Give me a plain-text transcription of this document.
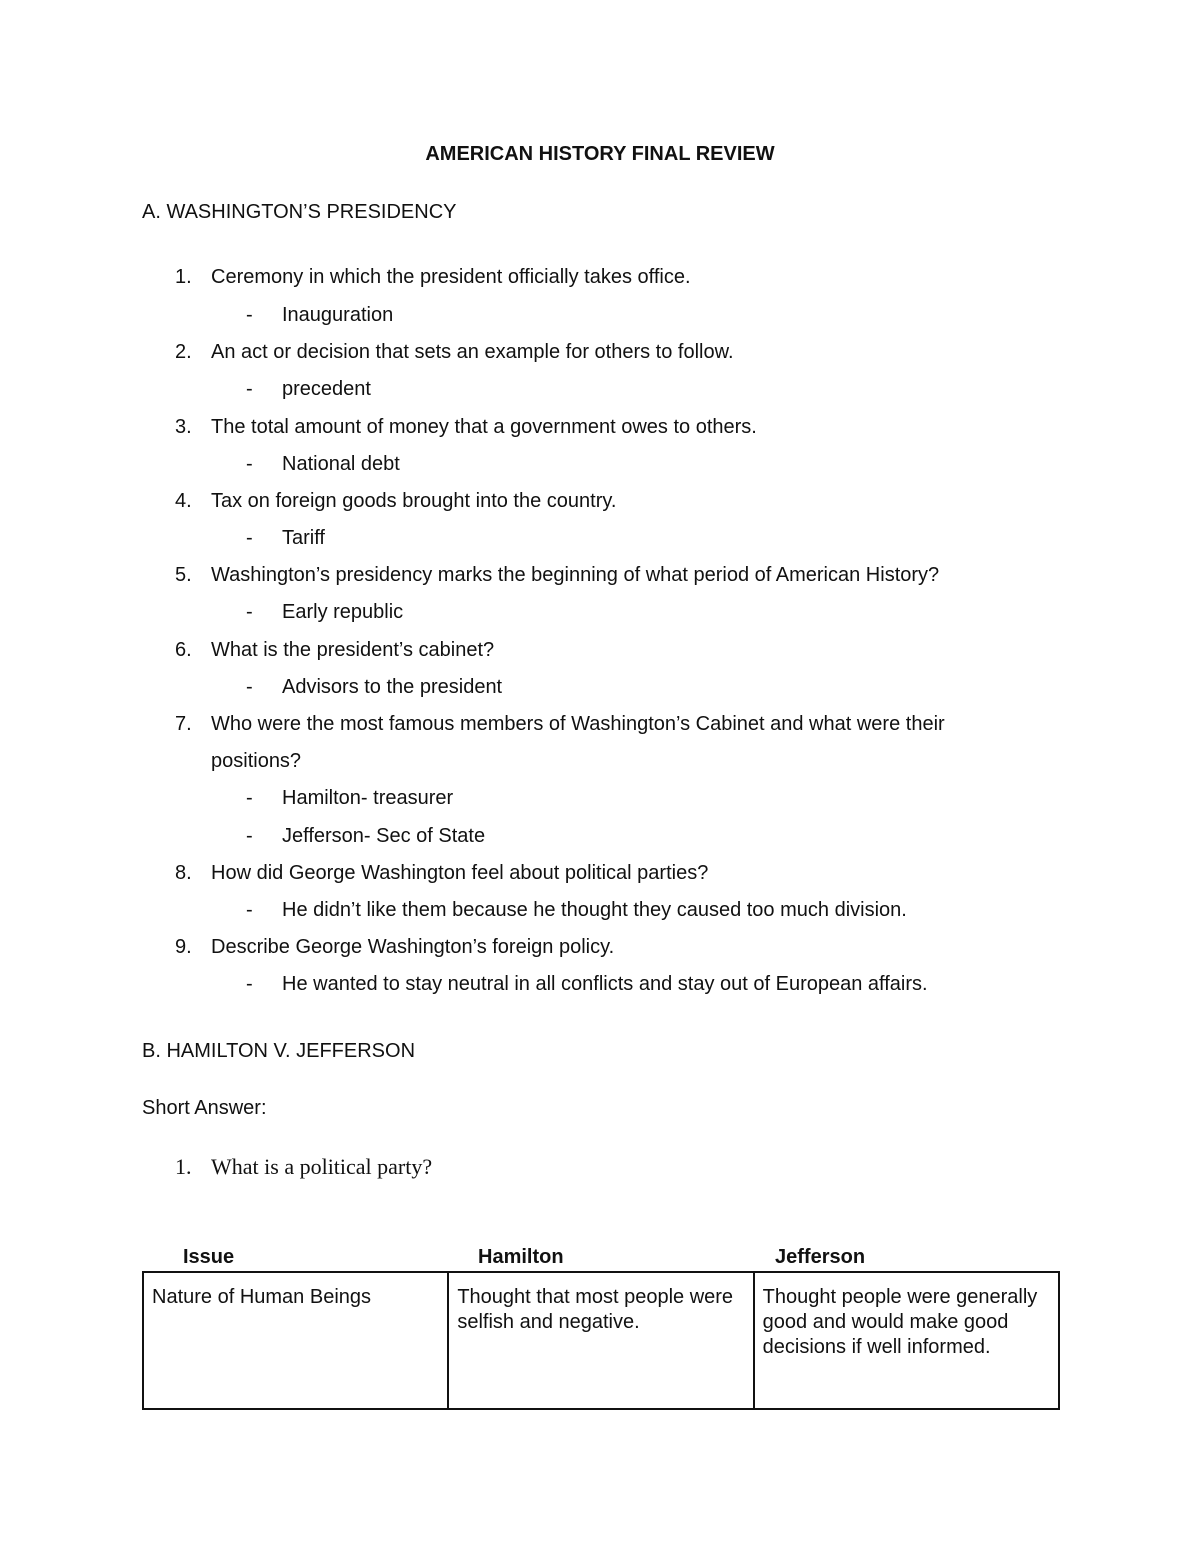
AMERICAN HISTORY FINAL REVIEW
A. WASHINGTON’S PRESIDENCY
1. Ceremony in which the president officially takes office.
- Inauguration
2. An act or decision that sets an example for others to follow.
- precedent
3. The total amount of money that a government owes to others.
- National debt
4. Tax on foreign goods brought into the country.
- Tariff
5. Washington’s presidency marks the beginning of what period of American History?
- Early republic
6. What is the president’s cabinet?
- Advisors to the president
7. Who were the most famous members of Washington’s Cabinet and what were their
positions?
- Hamilton- treasurer
- Jefferson- Sec of State
8. How did George Washington feel about political parties?
- He didn’t like them because he thought they caused too much division.
9. Describe George Washington’s foreign policy.
- He wanted to stay neutral in all conflicts and stay out of European affairs.
B. HAMILTON V. JEFFERSON
Short Answer:
1. What is a political party?
Issue	Hamilton	Jefferson
Nature of Human Beings	Thought that most people were selfish and negative.	Thought people were generally good and would make good decisions if well informed.
